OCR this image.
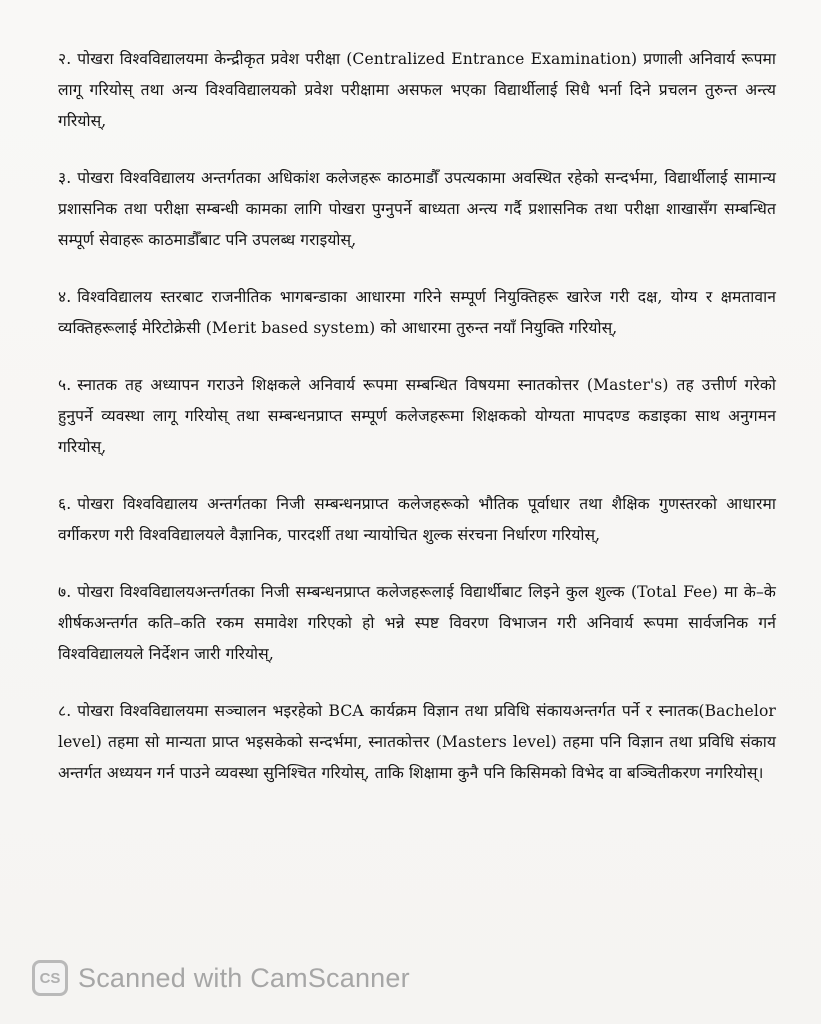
२. पोखरा विश्वविद्यालयमा केन्द्रीकृत प्रवेश परीक्षा (Centralized Entrance Examination) प्रणाली अनिवार्य रूपमा लागू गरियोस् तथा अन्य विश्वविद्यालयको प्रवेश परीक्षामा असफल भएका विद्यार्थीलाई सिधै भर्ना दिने प्रचलन तुरुन्त अन्त्य गरियोस्,

३. पोखरा विश्वविद्यालय अन्तर्गतका अधिकांश कलेजहरू काठमाडौँ उपत्यकामा अवस्थित रहेको सन्दर्भमा, विद्यार्थीलाई सामान्य प्रशासनिक तथा परीक्षा सम्बन्धी कामका लागि पोखरा पुग्नुपर्ने बाध्यता अन्त्य गर्दै प्रशासनिक तथा परीक्षा शाखासँग सम्बन्धित सम्पूर्ण सेवाहरू काठमाडौँबाट पनि उपलब्ध गराइयोस्,

४. विश्वविद्यालय स्तरबाट राजनीतिक भागबन्डाका आधारमा गरिने सम्पूर्ण नियुक्तिहरू खारेज गरी दक्ष, योग्य र क्षमतावान व्यक्तिहरूलाई मेरिटोक्रेसी (Merit based system) को आधारमा तुरुन्त नयाँ नियुक्ति गरियोस्,

५. स्नातक तह अध्यापन गराउने शिक्षकले अनिवार्य रूपमा सम्बन्धित विषयमा स्नातकोत्तर (Master's) तह उत्तीर्ण गरेको हुनुपर्ने व्यवस्था लागू गरियोस् तथा सम्बन्धनप्राप्त सम्पूर्ण कलेजहरूमा शिक्षकको योग्यता मापदण्ड कडाइका साथ अनुगमन गरियोस्,

६. पोखरा विश्वविद्यालय अन्तर्गतका निजी सम्बन्धनप्राप्त कलेजहरूको भौतिक पूर्वाधार तथा शैक्षिक गुणस्तरको आधारमा वर्गीकरण गरी विश्वविद्यालयले वैज्ञानिक, पारदर्शी तथा न्यायोचित शुल्क संरचना निर्धारण गरियोस्,

७. पोखरा विश्वविद्यालयअन्तर्गतका निजी सम्बन्धनप्राप्त कलेजहरूलाई विद्यार्थीबाट लिइने कुल शुल्क (Total Fee) मा के–के शीर्षकअन्तर्गत कति–कति रकम समावेश गरिएको हो भन्ने स्पष्ट विवरण विभाजन गरी अनिवार्य रूपमा सार्वजनिक गर्न विश्वविद्यालयले निर्देशन जारी गरियोस्,

८. पोखरा विश्वविद्यालयमा सञ्चालन भइरहेको BCA कार्यक्रम विज्ञान तथा प्रविधि संकायअन्तर्गत पर्ने र स्नातक(Bachelor level) तहमा सो मान्यता प्राप्त भइसकेको सन्दर्भमा, स्नातकोत्तर (Masters level) तहमा पनि विज्ञान तथा प्रविधि संकाय अन्तर्गत अध्ययन गर्न पाउने व्यवस्था सुनिश्चित गरियोस्, ताकि शिक्षामा कुनै पनि किसिमको विभेद वा बञ्चितीकरण नगरियोस्।

CS Scanned with CamScanner
